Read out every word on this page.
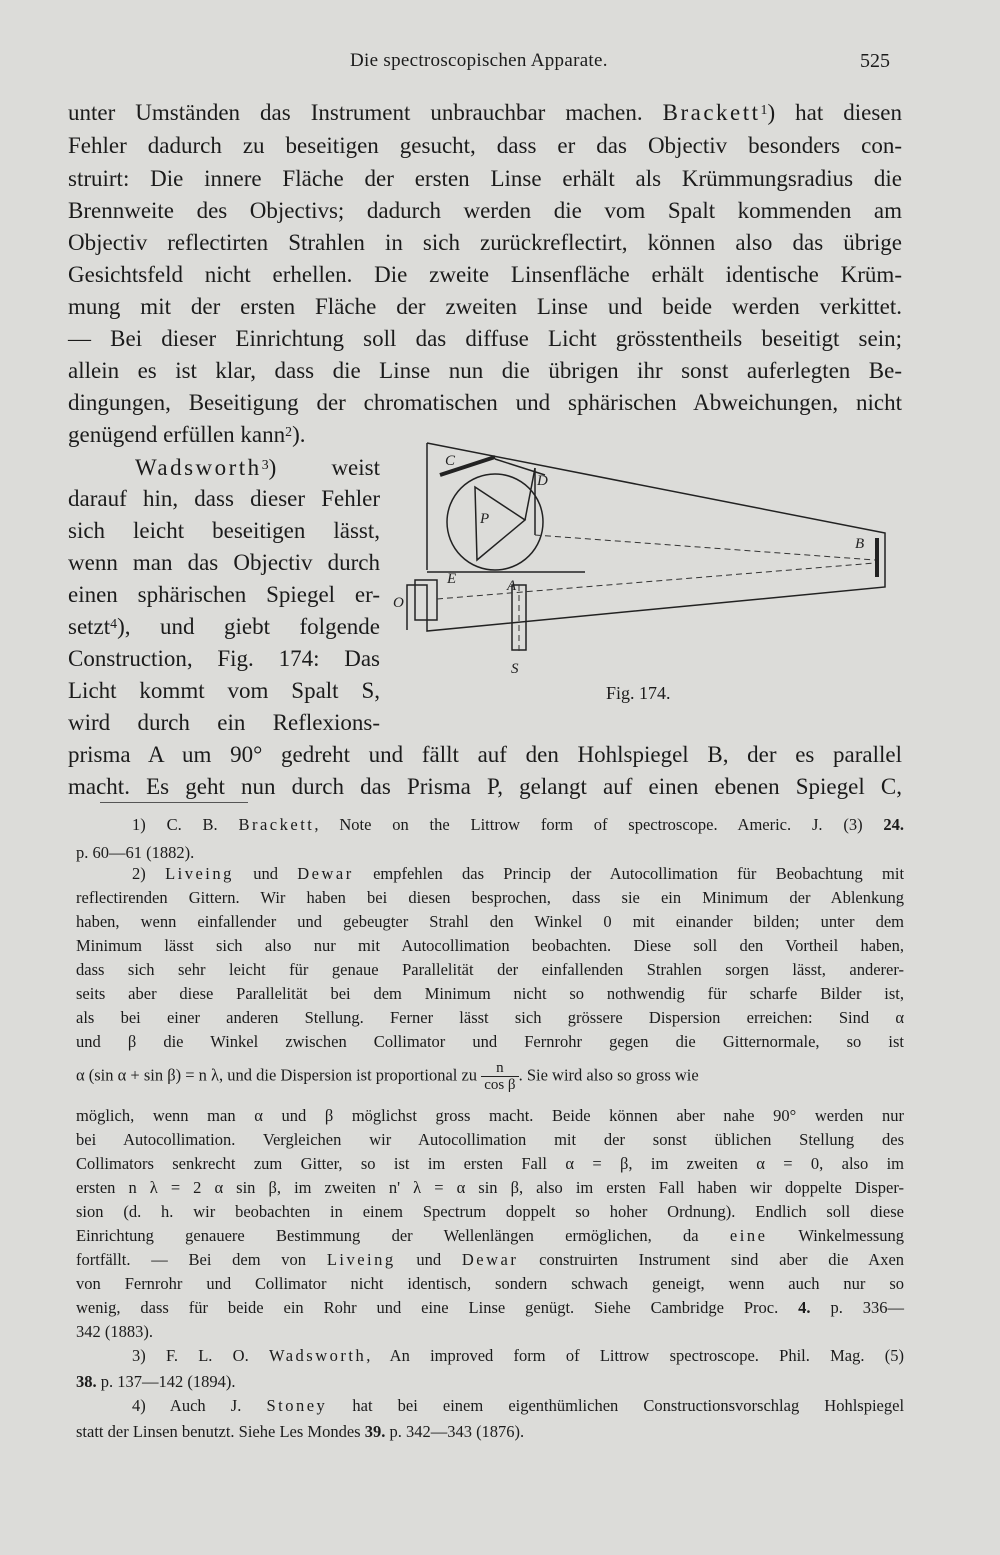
Die spectroscopischen Apparate.	525
unter Umständen das Instrument unbrauchbar machen. Brackett$^1$) hat diesen
Fehler dadurch zu beseitigen gesucht, dass er das Objectiv besonders con-
struirt: Die innere Fläche der ersten Linse erhält als Krümmungsradius die
Brennweite des Objectivs; dadurch werden die vom Spalt kommenden am
Objectiv reflectirten Strahlen in sich zurückreflectirt, können also das übrige
Gesichtsfeld nicht erhellen. Die zweite Linsenfläche erhält identische Krüm-
mung mit der ersten Fläche der zweiten Linse und beide werden verkittet.
— Bei dieser Einrichtung soll das diffuse Licht grösstentheils beseitigt sein;
allein es ist klar, dass die Linse nun die übrigen ihr sonst auferlegten Be-
dingungen, Beseitigung der chromatischen und sphärischen Abweichungen, nicht
genügend erfüllen kann$^2$).
Wadsworth$^3$) weist
darauf hin, dass dieser Fehler
sich leicht beseitigen lässt,
wenn man das Objectiv durch
einen sphärischen Spiegel er-
setzt$^4$), und giebt folgende
Construction, Fig. 174: Das
Licht kommt vom Spalt S,
wird durch ein Reflexions-
prisma A um 90° gedreht und fällt auf den Hohlspiegel B, der es parallel
macht. Es geht nun durch das Prisma P, gelangt auf einen ebenen Spiegel C,
C
D
P
B
E	A
O
S
Fig. 174.
1) C. B. Brackett, Note on the Littrow form of spectroscope. Americ. J. (3) 24.
p. 60—61 (1882).
2) Liveing und Dewar empfehlen das Princip der Autocollimation für Beobachtung mit
reflectirenden Gittern. Wir haben bei diesen besprochen, dass sie ein Minimum der Ablenkung
haben, wenn einfallender und gebeugter Strahl den Winkel 0 mit einander bilden; unter dem
Minimum lässt sich also nur mit Autocollimation beobachten. Diese soll den Vortheil haben,
dass sich sehr leicht für genaue Parallelität der einfallenden Strahlen sorgen lässt, anderer-
seits aber diese Parallelität bei dem Minimum nicht so nothwendig für scharfe Bilder ist,
als bei einer anderen Stellung. Ferner lässt sich grössere Dispersion erreichen: Sind α
und β die Winkel zwischen Collimator und Fernrohr gegen die Gitternormale, so ist
α (sin α + sin β) = n λ, und die Dispersion ist proportional zu $\frac{n}{\text{cos β}}$ . Sie wird also so gross wie
möglich, wenn man α und β möglichst gross macht. Beide können aber nahe 90° werden nur
bei Autocollimation. Vergleichen wir Autocollimation mit der sonst üblichen Stellung des
Collimators senkrecht zum Gitter, so ist im ersten Fall α = β, im zweiten α = 0, also im
ersten n λ = 2 α sin β, im zweiten n' λ = α sin β, also im ersten Fall haben wir doppelte Disper-
sion (d. h. wir beobachten in einem Spectrum doppelt so hoher Ordnung). Endlich soll diese
Einrichtung genauere Bestimmung der Wellenlängen ermöglichen, da eine Winkelmessung
fortfällt. — Bei dem von Liveing und Dewar construirten Instrument sind aber die Axen
von Fernrohr und Collimator nicht identisch, sondern schwach geneigt, wenn auch nur so
wenig, dass für beide ein Rohr und eine Linse genügt. Siehe Cambridge Proc. 4. p. 336—
342 (1883).
3) F. L. O. Wadsworth, An improved form of Littrow spectroscope. Phil. Mag. (5)
38. p. 137—142 (1894).
4) Auch J. Stoney hat bei einem eigenthümlichen Constructionsvorschlag Hohlspiegel
statt der Linsen benutzt. Siehe Les Mondes 39. p. 342—343 (1876).
